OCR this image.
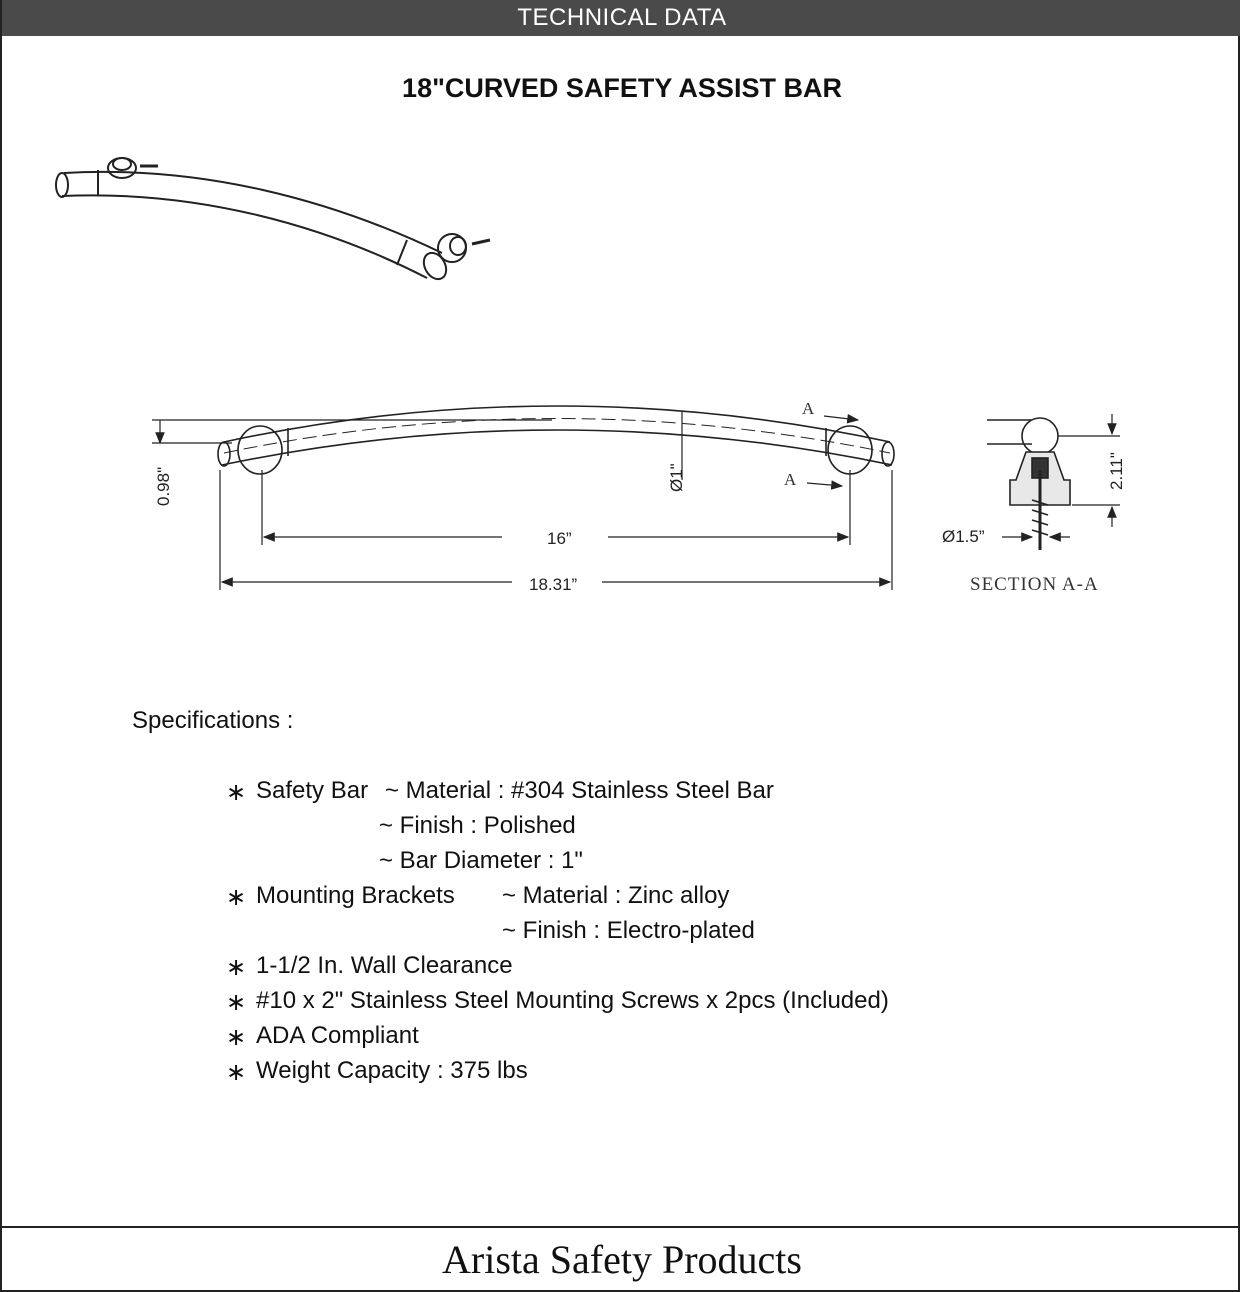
TECHNICAL DATA
18"CURVED SAFETY ASSIST BAR
0.98"	Ø1"
16”
18.31”
A
A	2.11"
Ø1.5”
SECTION A-A
Specifications :
∗ Safety Bar ~ Material : #304 Stainless Steel Bar
~ Finish : Polished
~ Bar Diameter : 1"
∗ Mounting Brackets ~ Material : Zinc alloy
~ Finish : Electro-plated
∗ 1-1/2 In. Wall Clearance
∗ #10 x 2" Stainless Steel Mounting Screws x 2pcs (Included)
∗ ADA Compliant
∗ Weight Capacity : 375 lbs
Arista Safety Products
